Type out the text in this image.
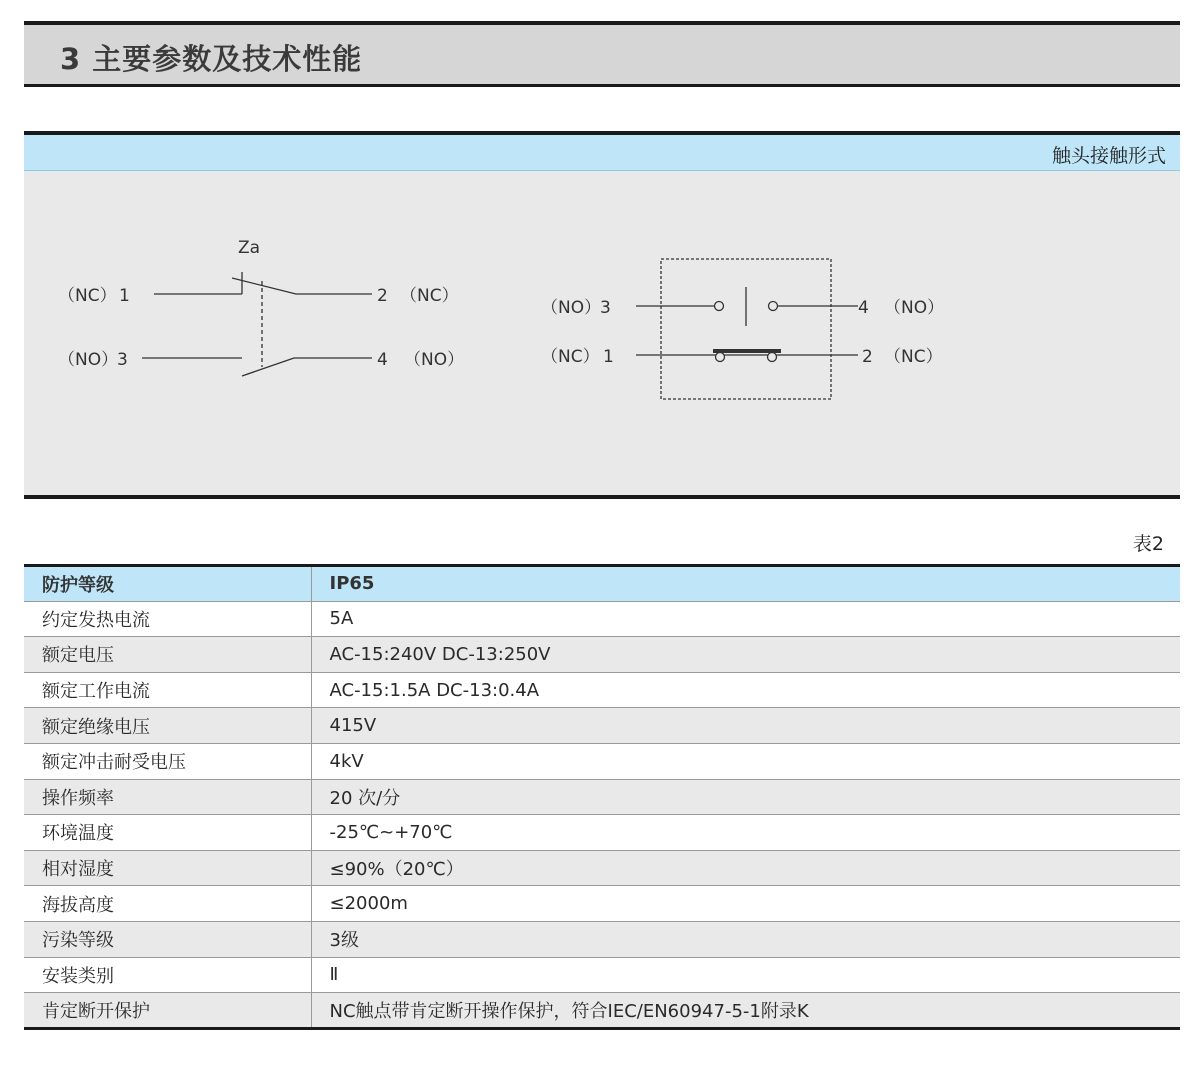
3 主要参数及技术性能
触头接触形式
Za
（NC） 1
（NO）
3
2 （NC）
4 （NO）
（NO）
3
（NC） 1
4 （NO）
2 （NC）
表2
防护等级	IP65
约定发热电流	5A
额定电压	AC-15:240V DC-13:250V
额定工作电流	AC-15:1.5A DC-13:0.4A
额定绝缘电压	415V
额定冲击耐受电压	4kV
操作频率	20 次/分
环境温度	-25℃~+70℃
相对湿度	≤90%（20℃）
海拔高度	≤2000m
污染等级	3级
安装类别	Ⅱ
肯定断开保护	NC触点带肯定断开操作保护，符合IEC/EN60947-5-1附录K
